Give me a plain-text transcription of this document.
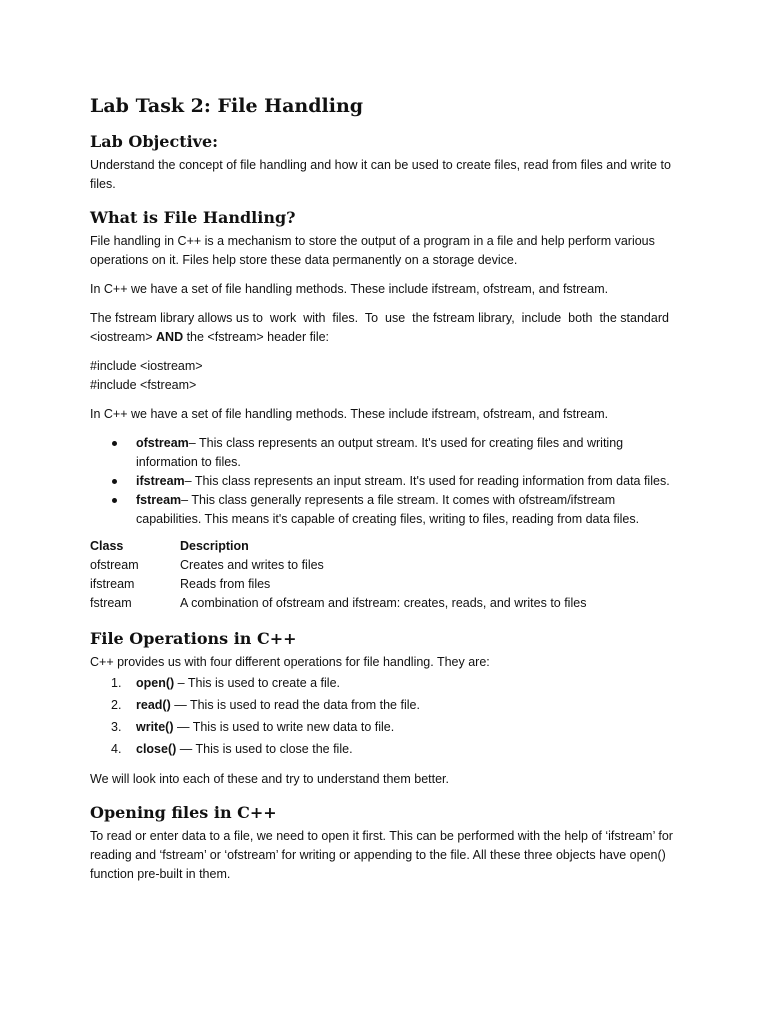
Lab Task 2: File Handling
Lab Objective:

Understand the concept of file handling and how it can be used to create files, read from files and write to files.

What is File Handling?

File handling in C++ is a mechanism to store the output of a program in a file and help perform various operations on it. Files help store these data permanently on a storage device.

In C++ we have a set of file handling methods. These include ifstream, ofstream, and fstream.

The fstream library allows us to  work  with  files.  To  use  the fstream library,  include  both  the standard <iostream> AND the <fstream> header file:

#include <iostream>
#include <fstream>

In C++ we have a set of file handling methods. These include ifstream, ofstream, and fstream.

ofstream– This class represents an output stream. It's used for creating files and writing information to files.
ifstream– This class represents an input stream. It's used for reading information from data files.
fstream– This class generally represents a file stream. It comes with ofstream/ifstream capabilities. This means it's capable of creating files, writing to files, reading from data files.
Class	Description
ofstream	Creates and writes to files
ifstream	Reads from files
fstream	A combination of ofstream and ifstream: creates, reads, and writes to files
File Operations in C++

C++ provides us with four different operations for file handling. They are:

1. open() – This is used to create a file.
2. read() — This is used to read the data from the file.
3. write() — This is used to write new data to file.
4. close() — This is used to close the file.

We will look into each of these and try to understand them better.

Opening files in C++

To read or enter data to a file, we need to open it first. This can be performed with the help of ‘ifstream’ for reading and ‘fstream’ or ‘ofstream’ for writing or appending to the file. All these three objects have open() function pre-built in them.
